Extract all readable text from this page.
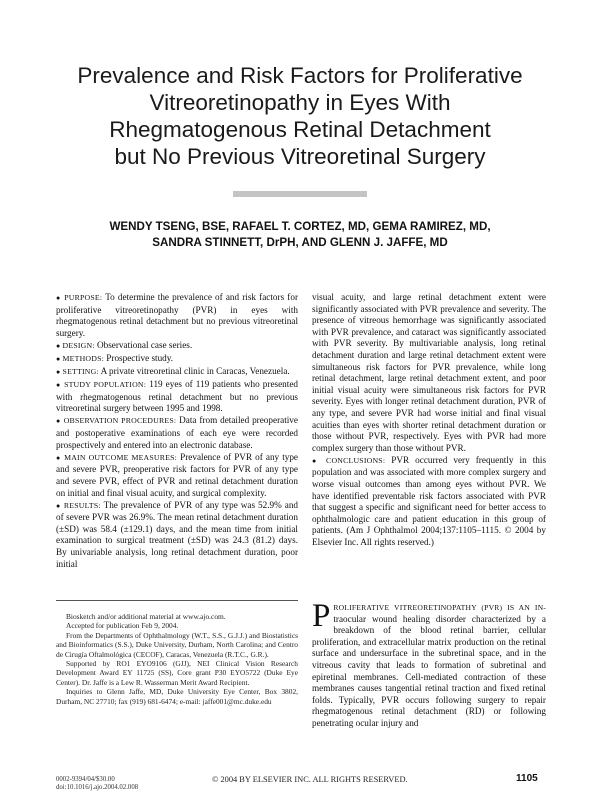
Prevalence and Risk Factors for Proliferative
Vitreoretinopathy in Eyes With
Rhegmatogenous Retinal Detachment
but No Previous Vitreoretinal Surgery
WENDY TSENG, BSE, RAFAEL T. CORTEZ, MD, GEMA RAMIREZ, MD,
SANDRA STINNETT, DrPH, AND GLENN J. JAFFE, MD

● PURPOSE: To determine the prevalence of and risk factors for proliferative vitreoretinopathy (PVR) in eyes with rhegmatogenous retinal detachment but no previous vitreoretinal surgery.

● DESIGN: Observational case series.

● METHODS: Prospective study.

● SETTING: A private vitreoretinal clinic in Caracas, Venezuela.

● STUDY POPULATION: 119 eyes of 119 patients who presented with rhegmatogenous retinal detachment but no previous vitreoretinal surgery between 1995 and 1998.

● OBSERVATION PROCEDURES: Data from detailed preoperative and postoperative examinations of each eye were recorded prospectively and entered into an electronic database.

● MAIN OUTCOME MEASURES: Prevalence of PVR of any type and severe PVR, preoperative risk factors for PVR of any type and severe PVR, effect of PVR and retinal detachment duration on initial and final visual acuity, and surgical complexity.

● RESULTS: The prevalence of PVR of any type was 52.9% and of severe PVR was 26.9%. The mean retinal detachment duration (±SD) was 58.4 (±129.1) days, and the mean time from initial examination to surgical treatment (±SD) was 24.3 (81.2) days. By univariable analysis, long retinal detachment duration, poor initial

visual acuity, and large retinal detachment extent were significantly associated with PVR prevalence and severity. The presence of vitreous hemorrhage was significantly associated with PVR prevalence, and cataract was significantly associated with PVR severity. By multivariable analysis, long retinal detachment duration and large retinal detachment extent were simultaneous risk factors for PVR prevalence, while long retinal detachment, large retinal detachment extent, and poor initial visual acuity were simultaneous risk factors for PVR severity. Eyes with longer retinal detachment duration, PVR of any type, and severe PVR had worse initial and final visual acuities than eyes with shorter retinal detachment duration or those without PVR, respectively. Eyes with PVR had more complex surgery than those without PVR.

● CONCLUSIONS: PVR occurred very frequently in this population and was associated with more complex surgery and worse visual outcomes than among eyes without PVR. We have identified preventable risk factors associated with PVR that suggest a specific and significant need for better access to ophthalmologic care and patient education in this group of patients. (Am J Ophthalmol 2004;137:1105–1115. © 2004 by Elsevier Inc. All rights reserved.)

Biosketch and/or additional material at www.ajo.com.

Accepted for publication Feb 9, 2004.

From the Departments of Ophthalmology (W.T., S.S., G.J.J.) and Biostatistics and Bioinformatics (S.S.), Duke University, Durham, North Carolina; and Centro de Cirugía Oftalmológica (CECOF), Caracas, Venezuela (R.T.C., G.R.).

Supported by RO1 EYO9106 (GJJ), NEI Clinical Vision Research Development Award EY 11725 (SS), Core grant P30 EYO5722 (Duke Eye Center). Dr. Jaffe is a Lew R. Wasserman Merit Award Recipient.

Inquiries to Glenn Jaffe, MD, Duke University Eye Center, Box 3802, Durham, NC 27710; fax (919) 681-6474; e-mail: jaffe001@mc.duke.edu

PROLIFERATIVE VITREORETINOPATHY (PVR) IS AN IN- traocular wound healing disorder characterized by a breakdown of the blood retinal barrier, cellular proliferation, and extracellular matrix production on the retinal surface and undersurface in the subretinal space, and in the vitreous cavity that leads to formation of subretinal and epiretinal membranes. Cell-mediated contraction of these membranes causes tangential retinal traction and fixed retinal folds. Typically, PVR occurs following surgery to repair rhegmatogenous retinal detachment (RD) or following penetrating ocular injury and
0002-9394/04/$30.00
doi:10.1016/j.ajo.2004.02.008
© 2004 BY ELSEVIER INC. ALL RIGHTS RESERVED.	1105
